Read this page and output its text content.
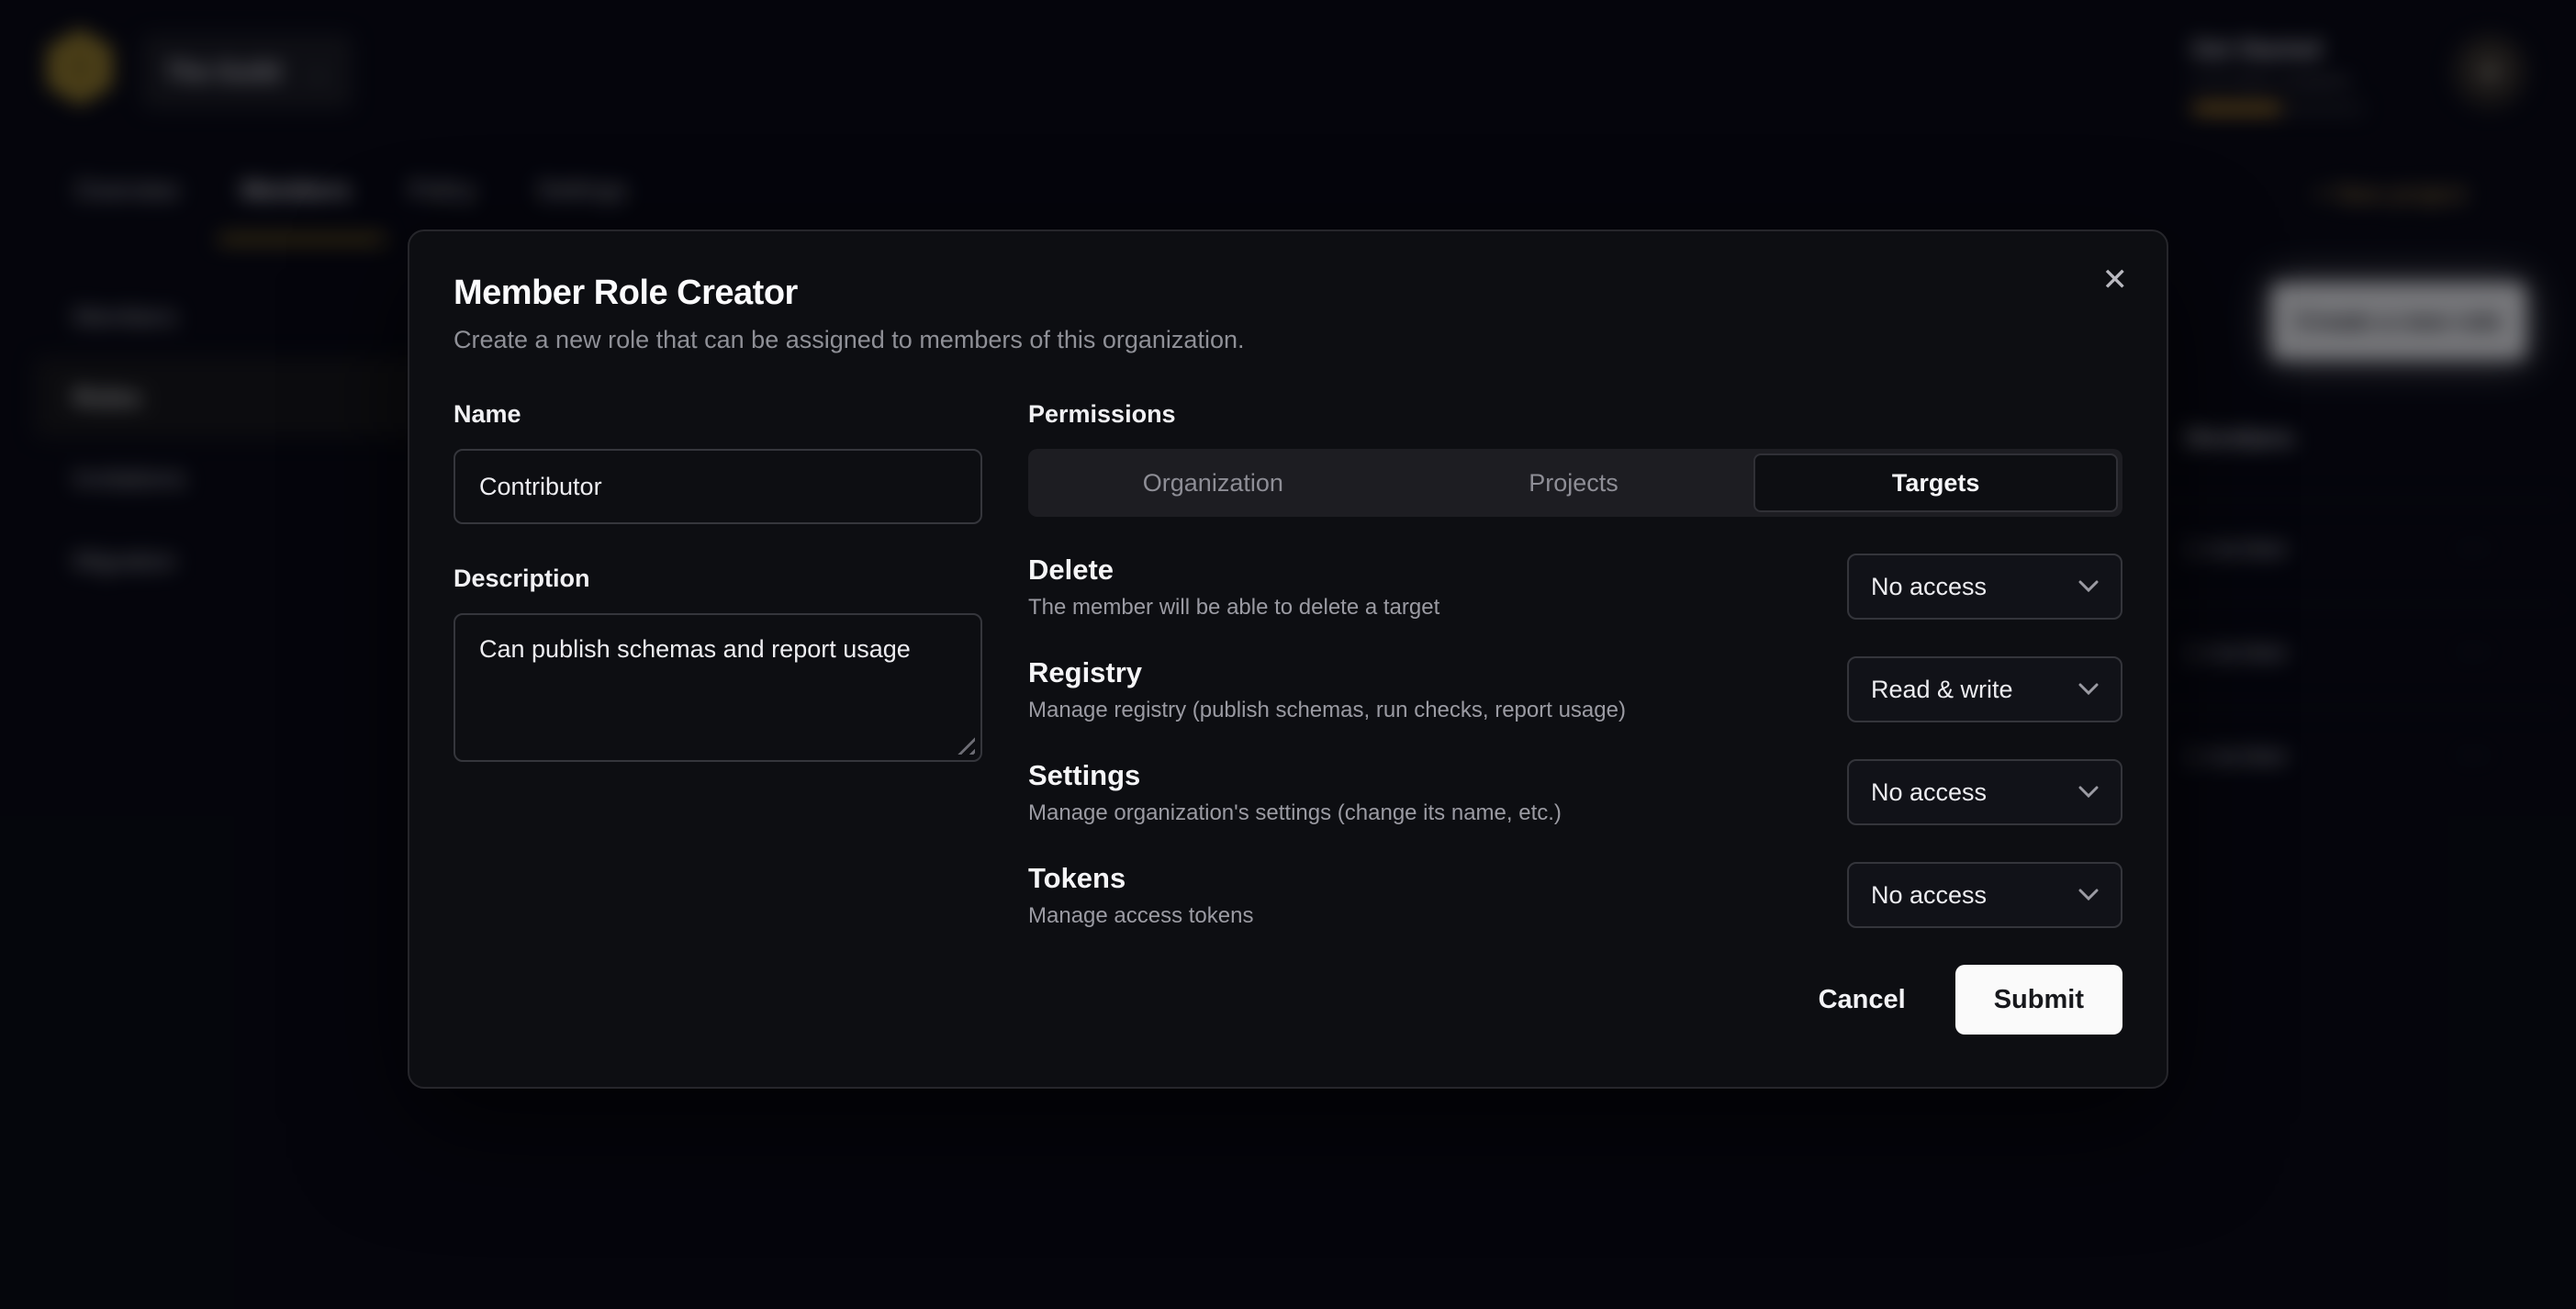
✕
Member Role Creator
Create a new role that can be assigned to members of this organization.
Name
Contributor
Description
Can publish schemas and report usage
Permissions
Organization	Projects	Targets
Delete
The member will be able to delete a target
No access
Registry
Manage registry (publish schemas, run checks, report usage)
Read & write
Settings
Manage organization's settings (change its name, etc.)
No access
Tokens
Manage access tokens
No access
Cancel	Submit
